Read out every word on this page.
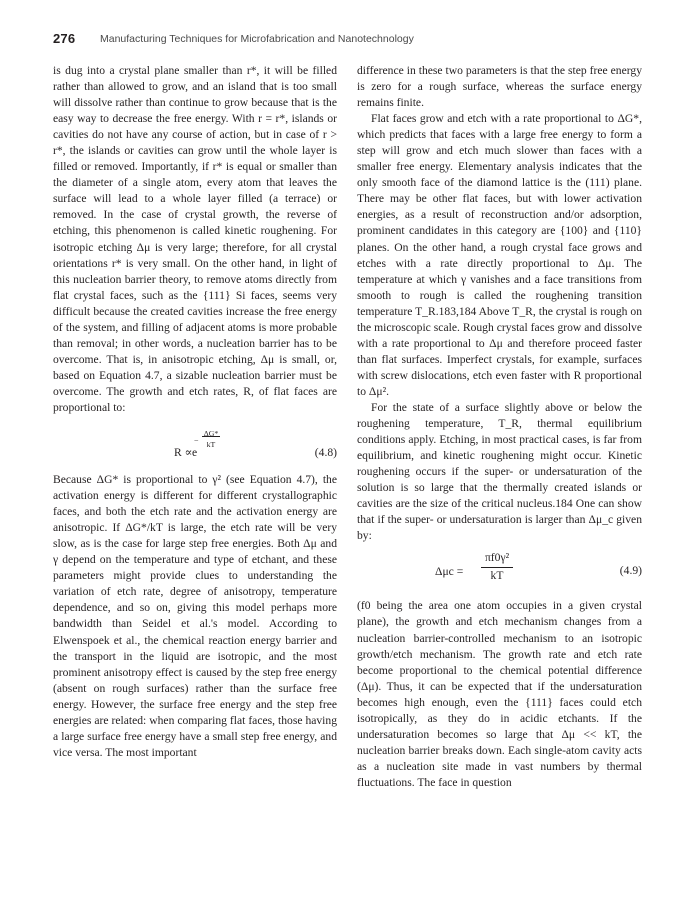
276 Manufacturing Techniques for Microfabrication and Nanotechnology

is dug into a crystal plane smaller than r*, it will be filled rather than allowed to grow, and an island that is too small will dissolve rather than continue to grow because that is the easy way to decrease the free energy. With r = r*, islands or cavities do not have any course of action, but in case of r > r*, the islands or cavities can grow until the whole layer is filled or removed. Importantly, if r* is equal or smaller than the diameter of a single atom, every atom that leaves the surface will lead to a whole layer filled (a terrace) or removed. In the case of crystal growth, the reverse of etching, this phenomenon is called kinetic roughening. For isotropic etching Δμ is very large; therefore, for all crystal orientations r* is very small. On the other hand, in light of this nucleation barrier theory, to remove atoms directly from flat crystal faces, such as the {111} Si faces, seems very difficult because the created cavities increase the free energy of the system, and filling of adjacent atoms is more probable than removal; in other words, a nucleation barrier has to be overcome. That is, in anisotropic etching, Δμ is small, or, based on Equation 4.7, a sizable nucleation barrier must be overcome. The growth and etch rates, R, of flat faces are proportional to:

R ∝ e
−
ΔG*
kT
(4.8)

Because ΔG* is proportional to γ² (see Equation 4.7), the activation energy is different for different crystallographic faces, and both the etch rate and the activation energy are anisotropic. If ΔG*/kT is large, the etch rate will be very slow, as is the case for large step free energies. Both Δμ and γ depend on the temperature and type of etchant, and these parameters might provide clues to understanding the variation of etch rate, degree of anisotropy, temperature dependence, and so on, giving this model perhaps more bandwidth than Seidel et al.'s model. According to Elwenspoek et al., the chemical reaction energy barrier and the transport in the liquid are isotropic, and the most prominent anisotropy effect is caused by the step free energy (absent on rough surfaces) rather than the surface free energy. However, the surface free energy and the step free energies are related: when comparing flat faces, those having a large surface free energy have a small step free energy, and vice versa. The most important

difference in these two parameters is that the step free energy is zero for a rough surface, whereas the surface energy remains finite.

Flat faces grow and etch with a rate proportional to ΔG*, which predicts that faces with a large free energy to form a step will grow and etch much slower than faces with a smaller free energy. Elementary analysis indicates that the only smooth face of the diamond lattice is the (111) plane. There may be other flat faces, but with lower activation energies, as a result of reconstruction and/or adsorption, prominent candidates in this category are {100} and {110} planes. On the other hand, a rough crystal face grows and etches with a rate directly proportional to Δμ. The temperature at which γ vanishes and a face transitions from smooth to rough is called the roughening transition temperature T_R.183,184 Above T_R, the crystal is rough on the microscopic scale. Rough crystal faces grow and dissolve with a rate proportional to Δμ and therefore proceed faster than flat surfaces. Imperfect crystals, for example, surfaces with screw dislocations, etch even faster with R proportional to Δμ².

For the state of a surface slightly above or below the roughening temperature, T_R, thermal equilibrium conditions apply. Etching, in most practical cases, is far from equilibrium, and kinetic roughening might occur. Kinetic roughening occurs if the super- or undersaturation of the solution is so large that the thermally created islands or cavities are the size of the critical nucleus.184 One can show that if the super- or undersaturation is larger than Δμ_c given by:

Δμc =
πf0γ²
kT	(4.9)

(f0 being the area one atom occupies in a given crystal plane), the growth and etch mechanism changes from a nucleation barrier-controlled mechanism to an isotropic growth/etch mechanism. The growth rate and etch rate become proportional to the chemical potential difference (Δμ). Thus, it can be expected that if the undersaturation becomes high enough, even the {111} faces could etch isotropically, as they do in acidic etchants. If the undersaturation becomes so large that Δμ << kT, the nucleation barrier breaks down. Each single-atom cavity acts as a nucleation site made in vast numbers by thermal fluctuations. The face in question
